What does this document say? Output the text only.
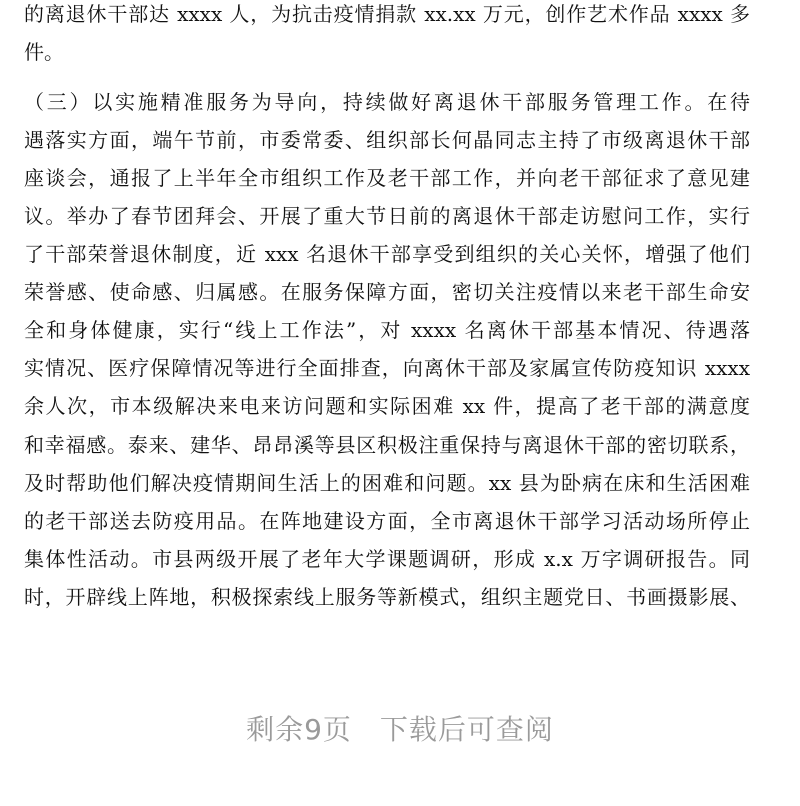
的离退休干部达 xxxx 人，为抗击疫情捐款 xx.xx 万元，创作艺术作品 xxxx 多
件。
（三）以实施精准服务为导向，持续做好离退休干部服务管理工作。在待
遇落实方面，端午节前，市委常委、组织部长何晶同志主持了市级离退休干部
座谈会，通报了上半年全市组织工作及老干部工作，并向老干部征求了意见建
议。举办了春节团拜会、开展了重大节日前的离退休干部走访慰问工作，实行
了干部荣誉退休制度，近 xxx 名退休干部享受到组织的关心关怀，增强了他们
荣誉感、使命感、归属感。在服务保障方面，密切关注疫情以来老干部生命安
全和身体健康，实行“线上工作法”，对 xxxx 名离休干部基本情况、待遇落
实情况、医疗保障情况等进行全面排查，向离休干部及家属宣传防疫知识 xxxx
余人次，市本级解决来电来访问题和实际困难 xx 件，提高了老干部的满意度
和幸福感。泰来、建华、昂昂溪等县区积极注重保持与离退休干部的密切联系，
及时帮助他们解决疫情期间生活上的困难和问题。xx 县为卧病在床和生活困难
的老干部送去防疫用品。在阵地建设方面，全市离退休干部学习活动场所停止
集体性活动。市县两级开展了老年大学课题调研，形成 x.x 万字调研报告。同
时，开辟线上阵地，积极探索线上服务等新模式，组织主题党日、书画摄影展、
剩余9页 下载后可查阅
